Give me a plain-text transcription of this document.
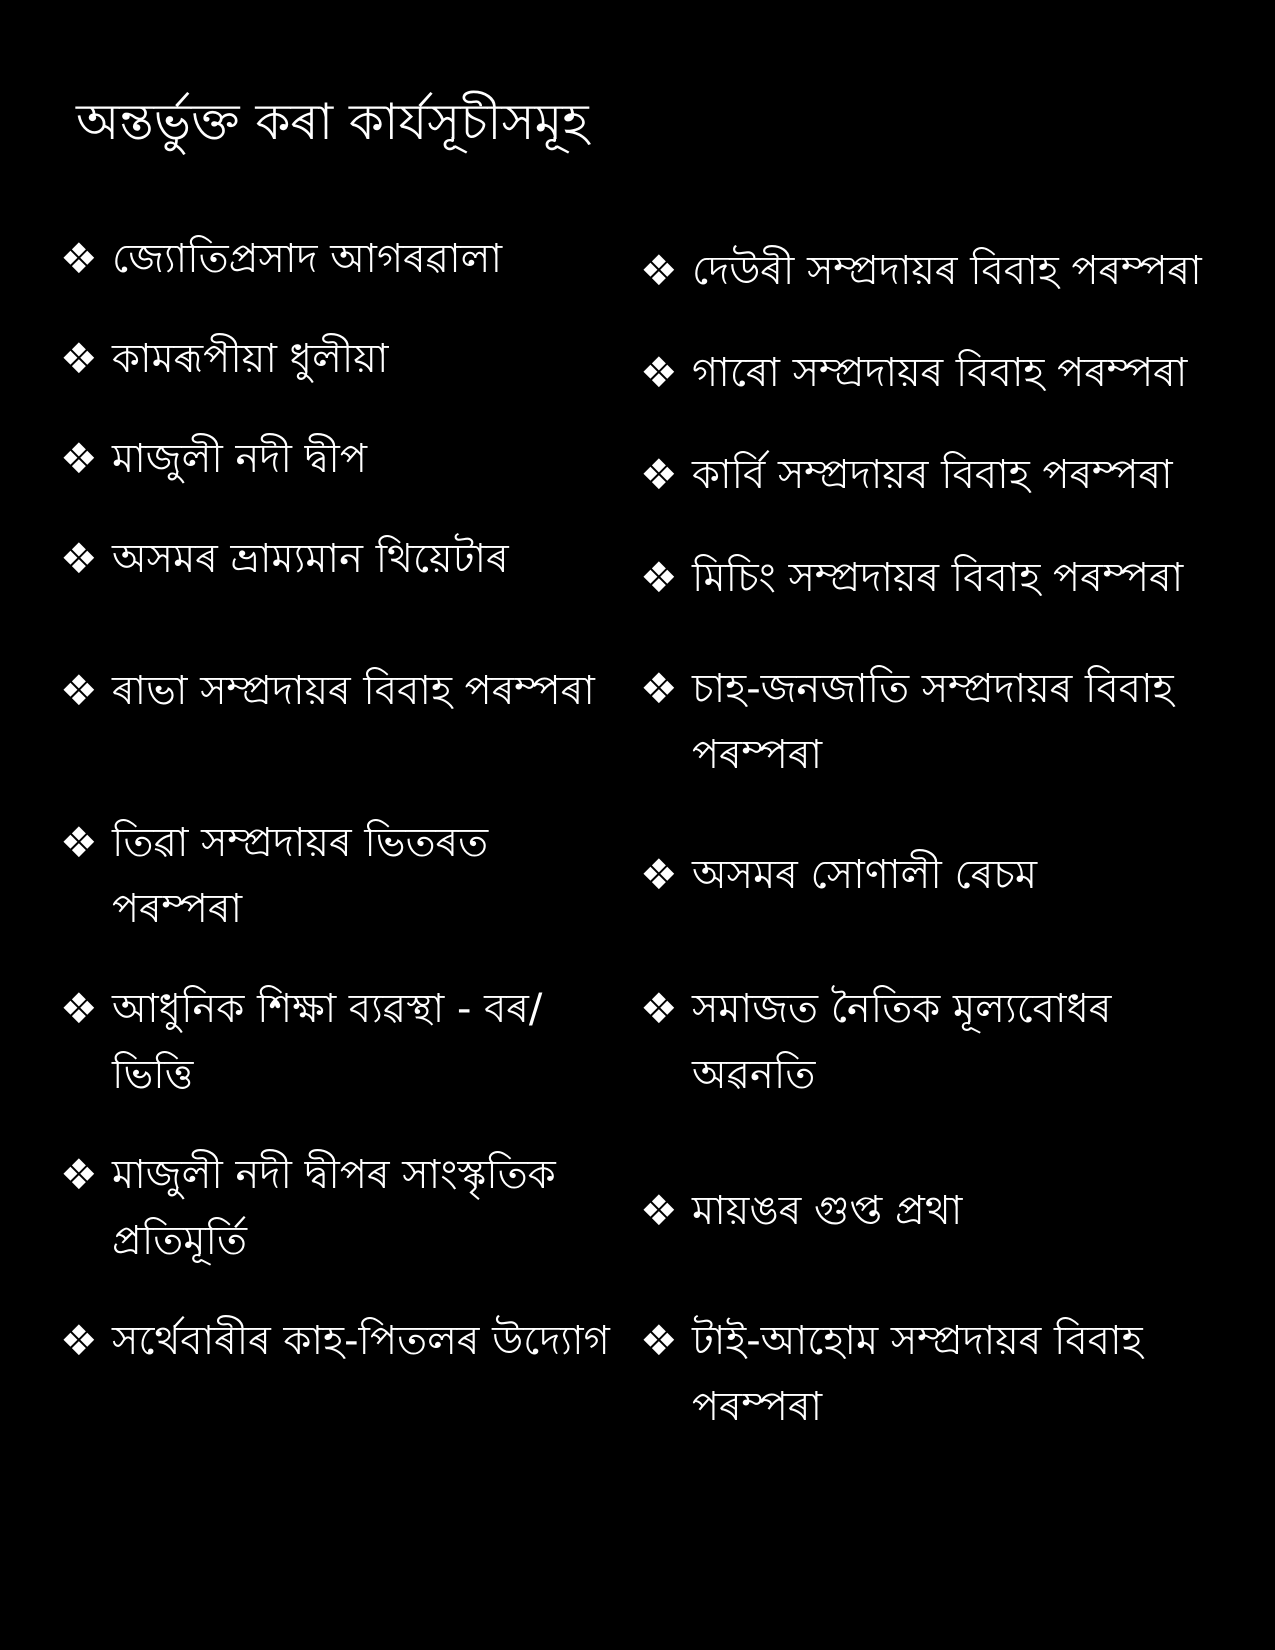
অন্তৰ্ভুক্ত কৰা কাৰ্যসূচীসমূহ
❖ জ্যোতিপ্ৰসাদ আগৰৱালা
❖ কামৰূপীয়া ধুলীয়া
❖ মাজুলী নদী দ্বীপ
❖ অসমৰ ভ্ৰাম্যমান থিয়েটাৰ
❖ ৰাভা সম্প্ৰদায়ৰ বিবাহ পৰম্পৰা
❖ তিৱা সম্প্ৰদায়ৰ ভিতৰত পৰম্পৰা
❖ আধুনিক শিক্ষা ব্যৱস্থা - বৰ/ভিত্তি
❖ মাজুলী নদী দ্বীপৰ সাংস্কৃতিক প্ৰতিমূৰ্তি
❖ সৰ্থেবাৰীৰ কাহ-পিতলৰ উদ্যোগ
❖ দেউৰী সম্প্ৰদায়ৰ বিবাহ পৰম্পৰা
❖ গাৰো সম্প্ৰদায়ৰ বিবাহ পৰম্পৰা
❖ কাৰ্বি সম্প্ৰদায়ৰ বিবাহ পৰম্পৰা
❖ মিচিং সম্প্ৰদায়ৰ বিবাহ পৰম্পৰা
❖ চাহ-জনজাতি সম্প্ৰদায়ৰ বিবাহ পৰম্পৰা
❖ অসমৰ সোণালী ৰেচম
❖ সমাজত নৈতিক মূল্যবোধৰ অৱনতি
❖ মায়ঙৰ গুপ্ত প্ৰথা
❖ টাই-আহোম সম্প্ৰদায়ৰ বিবাহ পৰম্পৰা
